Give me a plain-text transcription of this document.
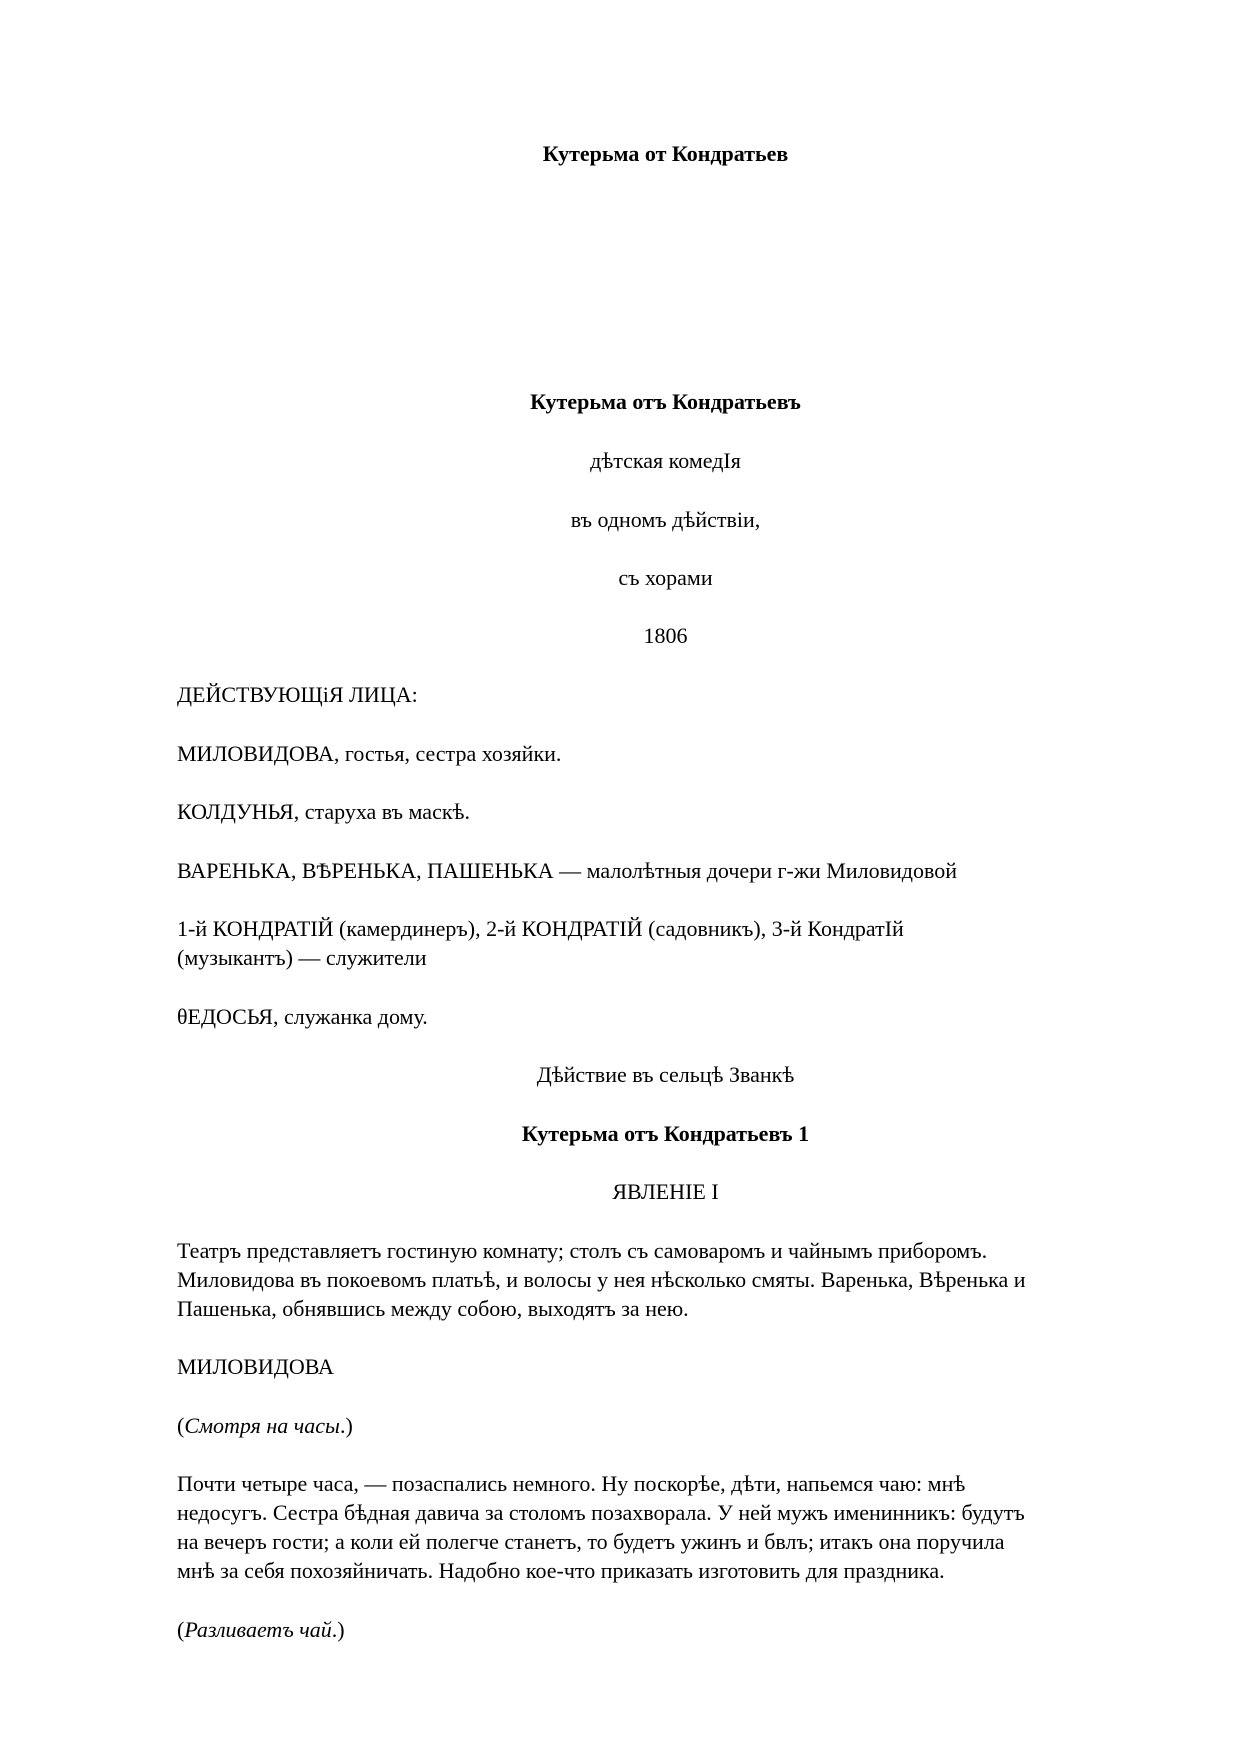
Кутерьма от Кондратьев
Кутерьма отъ Кондратьевъ
дѣтская комедІя
въ одномъ дѣйствiи,
съ хорами
1806
ДЕЙСТВУЮЩiЯ ЛИЦА:
МИЛОВИДОВА, гостья, сестра хозяйки.
КОЛДУНЬЯ, старуха въ маскѣ.
ВАРЕНЬКА, ВѢРЕНЬКА, ПАШЕНЬКА — малолѣтныя дочери г-жи Миловидовой
1-й КОНДРАТIЙ (камердинеръ), 2-й КОНДРАТIЙ (садовникъ), 3-й КондратІй
(музыкантъ) — служители
θЕДОСЬЯ, служанка дому.
Дѣйствие въ сельцѣ Званкѣ
Кутерьма отъ Кондратьевъ 1
ЯВЛЕНIЕ I
Театръ представляетъ гостиную комнату; столъ съ самоваромъ и чайнымъ приборомъ.
Миловидова въ покоевомъ платьѣ, и волосы у нея нѣсколько смяты. Варенька, Вѣренька и
Пашенька, обнявшись между собою, выходятъ за нею.
МИЛОВИДОВА
(Смотря на часы.)
Почти четыре часа, — позаспались немного. Ну поскорѣе, дѣти, напьемся чаю: мнѣ
недосугъ. Сестра бѣдная давича за столомъ позахворала. У ней мужъ именинникъ: будутъ
на вечеръ гости; а коли ей полегче станетъ, то будетъ ужинъ и бвлъ; итакъ она поручила
мнѣ за себя похозяйничать. Надобно кое-что приказать изготовить для праздника.
(Разливаетъ чай.)
